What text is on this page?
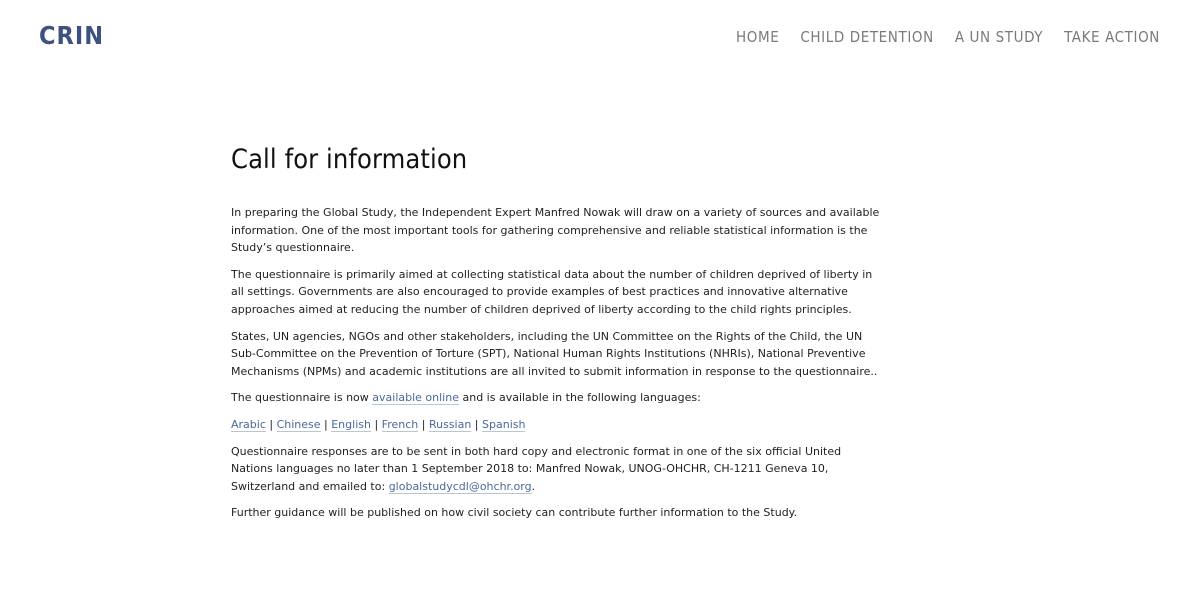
CRIN	HOME CHILD DETENTION A UN STUDY TAKE ACTION
Call for information

In preparing the Global Study, the Independent Expert Manfred Nowak will draw on a variety of sources and available information. One of the most important tools for gathering comprehensive and reliable statistical information is the Study’s questionnaire.

The questionnaire is primarily aimed at collecting statistical data about the number of children deprived of liberty in all settings. Governments are also encouraged to provide examples of best practices and innovative alternative approaches aimed at reducing the number of children deprived of liberty according to the child rights principles.

States, UN agencies, NGOs and other stakeholders, including the UN Committee on the Rights of the Child, the UN Sub-Committee on the Prevention of Torture (SPT), National Human Rights Institutions (NHRIs), National Preventive Mechanisms (NPMs) and academic institutions are all invited to submit information in response to the questionnaire..

The questionnaire is now available online and is available in the following languages:

Arabic | Chinese | English | French | Russian | Spanish

Questionnaire responses are to be sent in both hard copy and electronic format in one of the six official United Nations languages no later than 1 September 2018 to: Manfred Nowak, UNOG-OHCHR, CH-1211 Geneva 10, Switzerland and emailed to: globalstudycdl@ohchr.org.

Further guidance will be published on how civil society can contribute further information to the Study.
